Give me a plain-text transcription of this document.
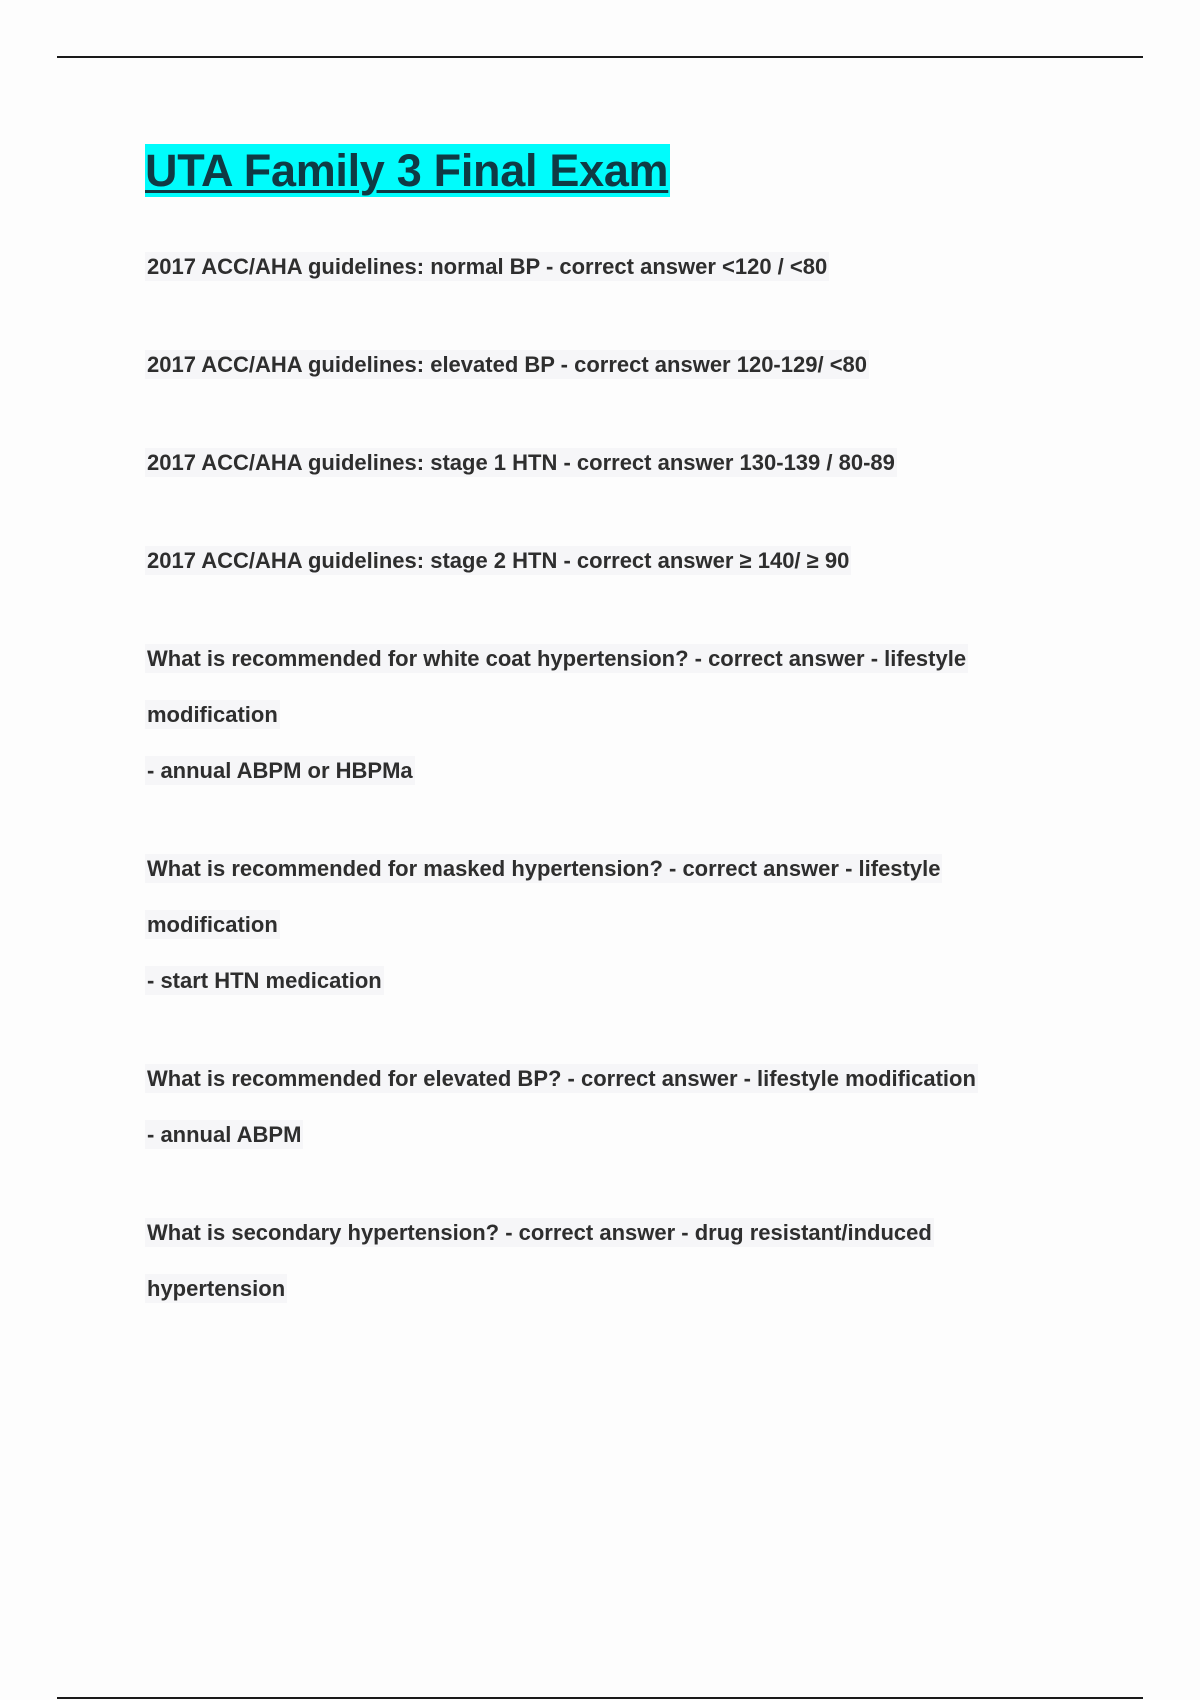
UTA Family 3 Final Exam
2017 ACC/AHA guidelines: normal BP - correct answer <120 / <80
2017 ACC/AHA guidelines: elevated BP - correct answer 120-129/ <80
2017 ACC/AHA guidelines: stage 1 HTN - correct answer 130-139 / 80-89
2017 ACC/AHA guidelines: stage 2 HTN - correct answer ≥ 140/ ≥ 90
What is recommended for white coat hypertension? - correct answer - lifestyle
modification
- annual ABPM or HBPMa
What is recommended for masked hypertension? - correct answer - lifestyle
modification
- start HTN medication
What is recommended for elevated BP? - correct answer - lifestyle modification
- annual ABPM
What is secondary hypertension? - correct answer - drug resistant/induced
hypertension
